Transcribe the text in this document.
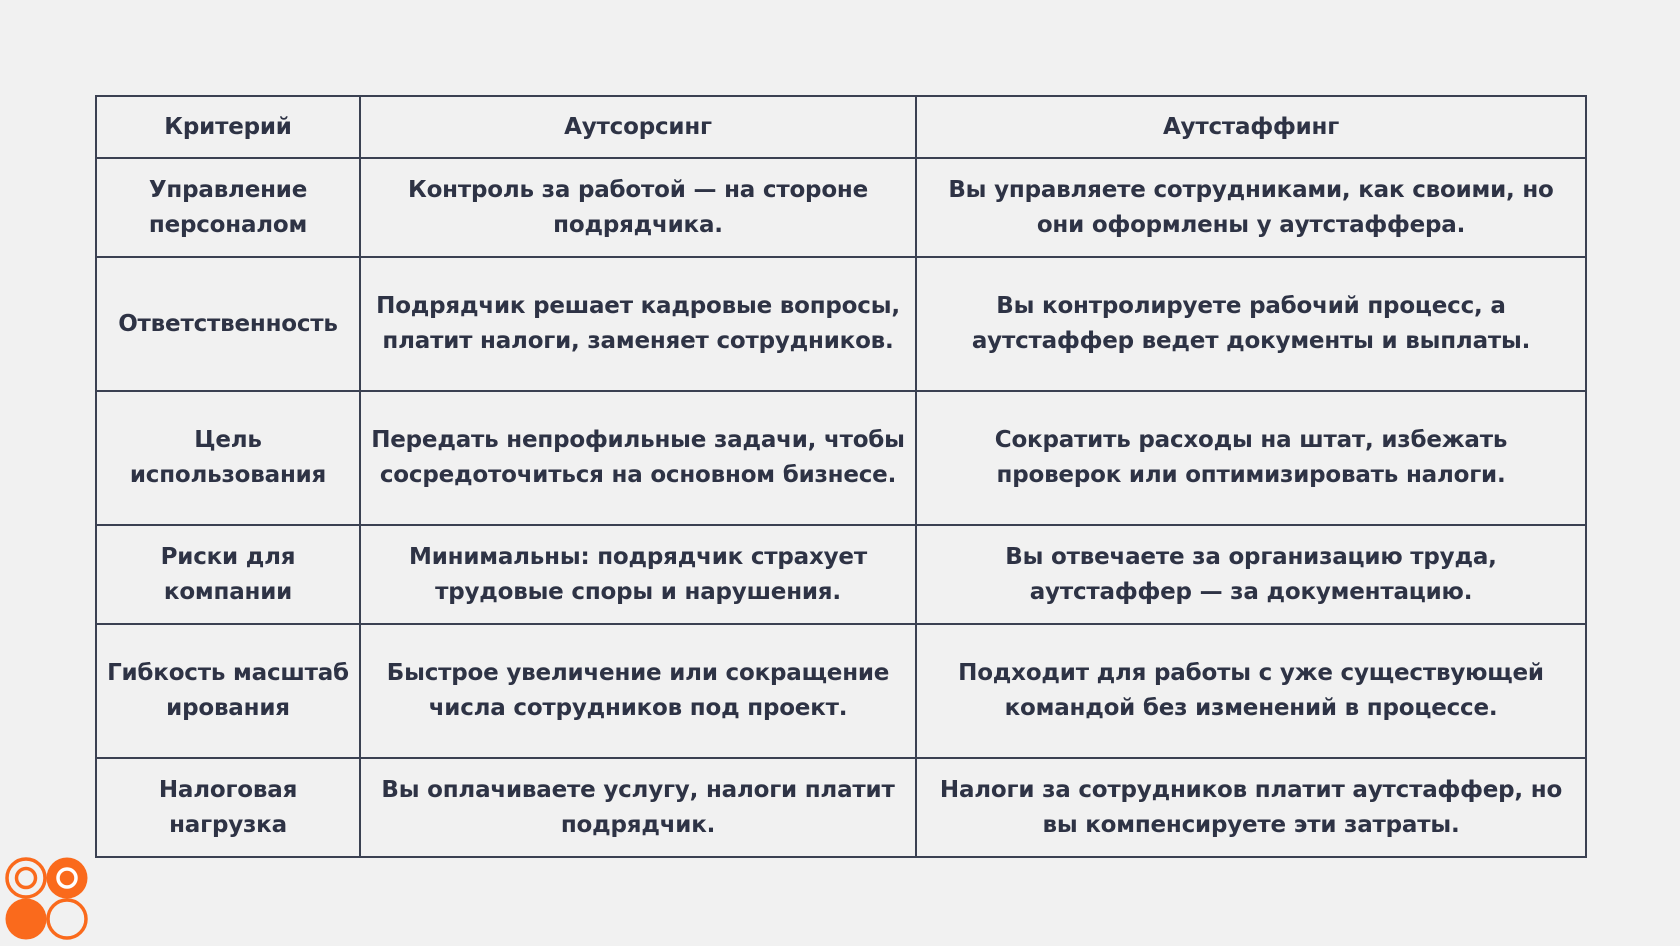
Критерий	Аутсорсинг	Аутстаффинг
Управление персоналом	Контроль за работой — на стороне подрядчика.	Вы управляете сотрудниками, как своими, но они оформлены у аутстаффера.
Ответственность	Подрядчик решает кадровые вопросы, платит налоги, заменяет сотрудников.	Вы контролируете рабочий процесс, а аутстаффер ведет документы и выплаты.
Цель использования	Передать непрофильные задачи, чтобы сосредоточиться на основном бизнесе.	Сократить расходы на штат, избежать проверок или оптимизировать налоги.
Риски для компании	Минимальны: подрядчик страхует трудовые споры и нарушения.	Вы отвечаете за организацию труда, аутстаффер — за документацию.
Гибкость масштабирования	Быстрое увеличение или сокращение числа сотрудников под проект.	Подходит для работы с уже существующей командой без изменений в процессе.
Налоговая нагрузка	Вы оплачиваете услугу, налоги платит подрядчик.	Налоги за сотрудников платит аутстаффер, но вы компенсируете эти затраты.
